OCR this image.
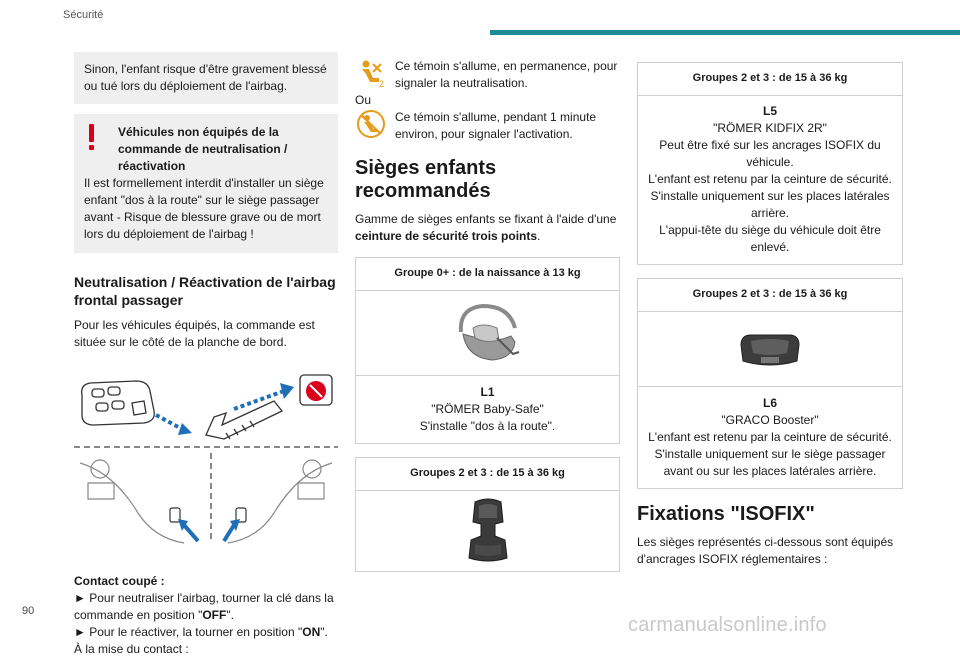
Sécurité

Sinon, l'enfant risque d'être gravement blessé ou tué lors du déploiement de l'airbag.

Véhicules non équipés de la

commande de neutralisation / réactivation

Il est formellement interdit d'installer un siège enfant "dos à la route" sur le siège passager avant - Risque de blessure grave ou de mort lors du déploiement de l'airbag !

Neutralisation / Réactivation de l'airbag frontal passager

Pour les véhicules équipés, la commande est située sur le côté de la planche de bord.

Contact coupé :

► Pour neutraliser l'airbag, tourner la clé dans la commande en position "OFF".

► Pour le réactiver, la tourner en position "ON".

À la mise du contact :

2

Ce témoin s'allume, en permanence, pour signaler la neutralisation.

Ou

Ce témoin s'allume, pendant 1 minute environ, pour signaler l'activation.

Sièges enfants recommandés

Gamme de sièges enfants se fixant à l'aide d'une ceinture de sécurité trois points.

Groupe 0+ : de la naissance à 13 kg
L1
"RÖMER Baby-Safe"
S'installe "dos à la route".
Groupes 2 et 3 : de 15 à 36 kg
Groupes 2 et 3 : de 15 à 36 kg
L5
"RÖMER KIDFIX 2R"
Peut être fixé sur les ancrages ISOFIX du véhicule.
L'enfant est retenu par la ceinture de sécurité.
S'installe uniquement sur les places latérales arrière.
L'appui-tête du siège du véhicule doit être enlevé.
Groupes 2 et 3 : de 15 à 36 kg
L6
"GRACO Booster"
L'enfant est retenu par la ceinture de sécurité.
S'installe uniquement sur le siège passager avant ou sur les places latérales arrière.
Fixations "ISOFIX"

Les sièges représentés ci-dessous sont équipés d'ancrages ISOFIX réglementaires :

90
carmanualsonline.info
